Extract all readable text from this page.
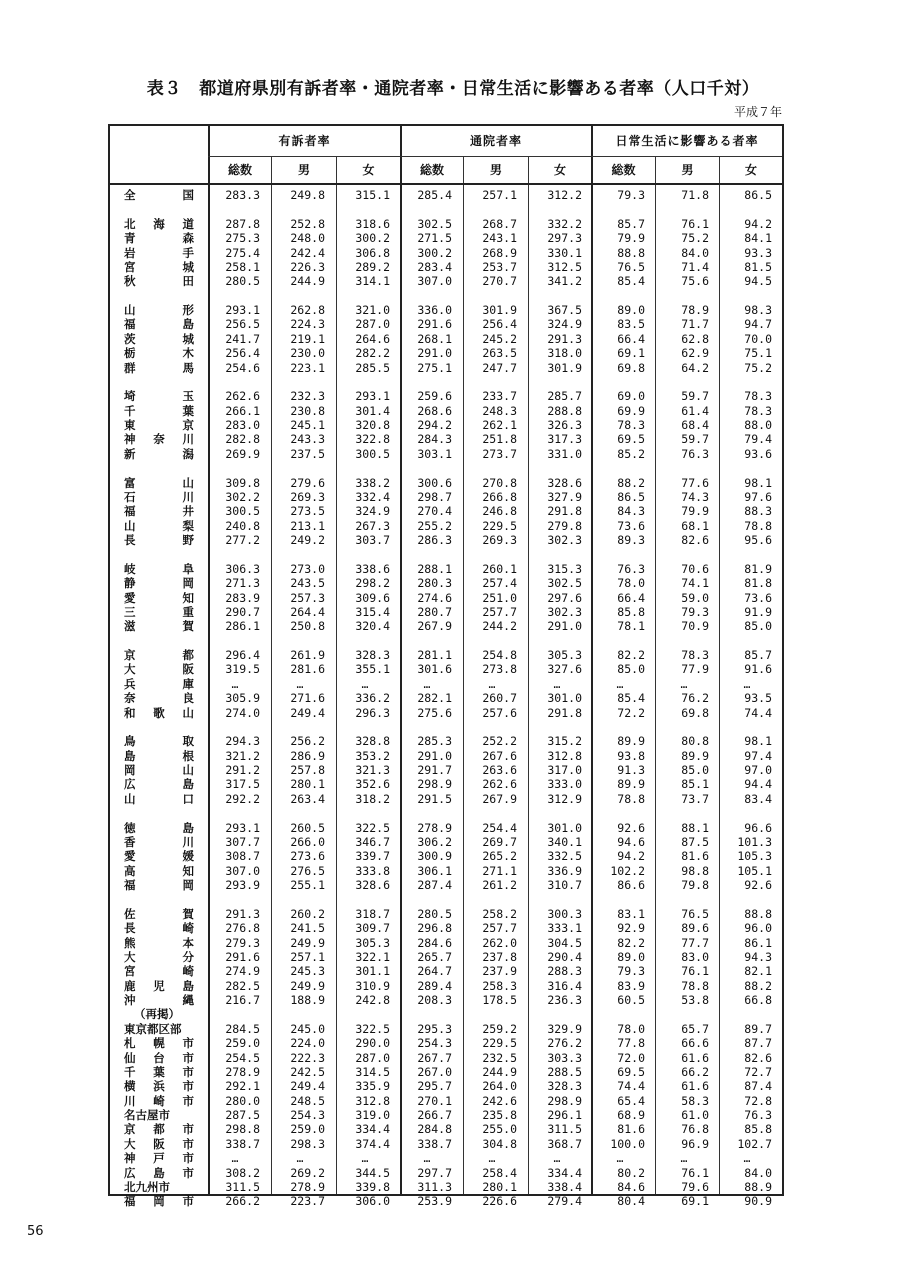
表３　都道府県別有訴者率・通院者率・日常生活に影響ある者率（人口千対）
平成７年
有訴者率	通院者率	日常生活に影響ある者率
総数	男	女	総数	男	女	総数	男	女
全　国	283.3	249.8	315.1	285.4	257.1	312.2	79.3	71.8	86.5
北海道	287.8	252.8	318.6	302.5	268.7	332.2	85.7	76.1	94.2
青森	275.3	248.0	300.2	271.5	243.1	297.3	79.9	75.2	84.1
岩手	275.4	242.4	306.8	300.2	268.9	330.1	88.8	84.0	93.3
宮城	258.1	226.3	289.2	283.4	253.7	312.5	76.5	71.4	81.5
秋田	280.5	244.9	314.1	307.0	270.7	341.2	85.4	75.6	94.5
山形	293.1	262.8	321.0	336.0	301.9	367.5	89.0	78.9	98.3
福島	256.5	224.3	287.0	291.6	256.4	324.9	83.5	71.7	94.7
茨城	241.7	219.1	264.6	268.1	245.2	291.3	66.4	62.8	70.0
栃木	256.4	230.0	282.2	291.0	263.5	318.0	69.1	62.9	75.1
群馬	254.6	223.1	285.5	275.1	247.7	301.9	69.8	64.2	75.2
埼玉	262.6	232.3	293.1	259.6	233.7	285.7	69.0	59.7	78.3
千葉	266.1	230.8	301.4	268.6	248.3	288.8	69.9	61.4	78.3
東京	283.0	245.1	320.8	294.2	262.1	326.3	78.3	68.4	88.0
神奈川	282.8	243.3	322.8	284.3	251.8	317.3	69.5	59.7	79.4
新潟	269.9	237.5	300.5	303.1	273.7	331.0	85.2	76.3	93.6
富山	309.8	279.6	338.2	300.6	270.8	328.6	88.2	77.6	98.1
石川	302.2	269.3	332.4	298.7	266.8	327.9	86.5	74.3	97.6
福井	300.5	273.5	324.9	270.4	246.8	291.8	84.3	79.9	88.3
山梨	240.8	213.1	267.3	255.2	229.5	279.8	73.6	68.1	78.8
長野	277.2	249.2	303.7	286.3	269.3	302.3	89.3	82.6	95.6
岐阜	306.3	273.0	338.6	288.1	260.1	315.3	76.3	70.6	81.9
静岡	271.3	243.5	298.2	280.3	257.4	302.5	78.0	74.1	81.8
愛知	283.9	257.3	309.6	274.6	251.0	297.6	66.4	59.0	73.6
三重	290.7	264.4	315.4	280.7	257.7	302.3	85.8	79.3	91.9
滋賀	286.1	250.8	320.4	267.9	244.2	291.0	78.1	70.9	85.0
京都	296.4	261.9	328.3	281.1	254.8	305.3	82.2	78.3	85.7
大阪	319.5	281.6	355.1	301.6	273.8	327.6	85.0	77.9	91.6
兵庫	…	…	…	…	…	…	…	…	…
奈良	305.9	271.6	336.2	282.1	260.7	301.0	85.4	76.2	93.5
和歌山	274.0	249.4	296.3	275.6	257.6	291.8	72.2	69.8	74.4
鳥取	294.3	256.2	328.8	285.3	252.2	315.2	89.9	80.8	98.1
島根	321.2	286.9	353.2	291.0	267.6	312.8	93.8	89.9	97.4
岡山	291.2	257.8	321.3	291.7	263.6	317.0	91.3	85.0	97.0
広島	317.5	280.1	352.6	298.9	262.6	333.0	89.9	85.1	94.4
山口	292.2	263.4	318.2	291.5	267.9	312.9	78.8	73.7	83.4
徳島	293.1	260.5	322.5	278.9	254.4	301.0	92.6	88.1	96.6
香川	307.7	266.0	346.7	306.2	269.7	340.1	94.6	87.5	101.3
愛媛	308.7	273.6	339.7	300.9	265.2	332.5	94.2	81.6	105.3
高知	307.0	276.5	333.8	306.1	271.1	336.9	102.2	98.8	105.1
福岡	293.9	255.1	328.6	287.4	261.2	310.7	86.6	79.8	92.6
佐賀	291.3	260.2	318.7	280.5	258.2	300.3	83.1	76.5	88.8
長崎	276.8	241.5	309.7	296.8	257.7	333.1	92.9	89.6	96.0
熊本	279.3	249.9	305.3	284.6	262.0	304.5	82.2	77.7	86.1
大分	291.6	257.1	322.1	265.7	237.8	290.4	89.0	83.0	94.3
宮崎	274.9	245.3	301.1	264.7	237.9	288.3	79.3	76.1	82.1
鹿児島	282.5	249.9	310.9	289.4	258.3	316.4	83.9	78.8	88.2
沖縄	216.7	188.9	242.8	208.3	178.5	236.3	60.5	53.8	66.8
（再掲）
東京都区部	284.5	245.0	322.5	295.3	259.2	329.9	78.0	65.7	89.7
札幌市	259.0	224.0	290.0	254.3	229.5	276.2	77.8	66.6	87.7
仙台市	254.5	222.3	287.0	267.7	232.5	303.3	72.0	61.6	82.6
千葉市	278.9	242.5	314.5	267.0	244.9	288.5	69.5	66.2	72.7
横浜市	292.1	249.4	335.9	295.7	264.0	328.3	74.4	61.6	87.4
川崎市	280.0	248.5	312.8	270.1	242.6	298.9	65.4	58.3	72.8
名古屋市	287.5	254.3	319.0	266.7	235.8	296.1	68.9	61.0	76.3
京都市	298.8	259.0	334.4	284.8	255.0	311.5	81.6	76.8	85.8
大阪市	338.7	298.3	374.4	338.7	304.8	368.7	100.0	96.9	102.7
神戸市	…	…	…	…	…	…	…	…	…
広島市	308.2	269.2	344.5	297.7	258.4	334.4	80.2	76.1	84.0
北九州市	311.5	278.9	339.8	311.3	280.1	338.4	84.6	79.6	88.9
福岡市	266.2	223.7	306.0	253.9	226.6	279.4	80.4	69.1	90.9
56
